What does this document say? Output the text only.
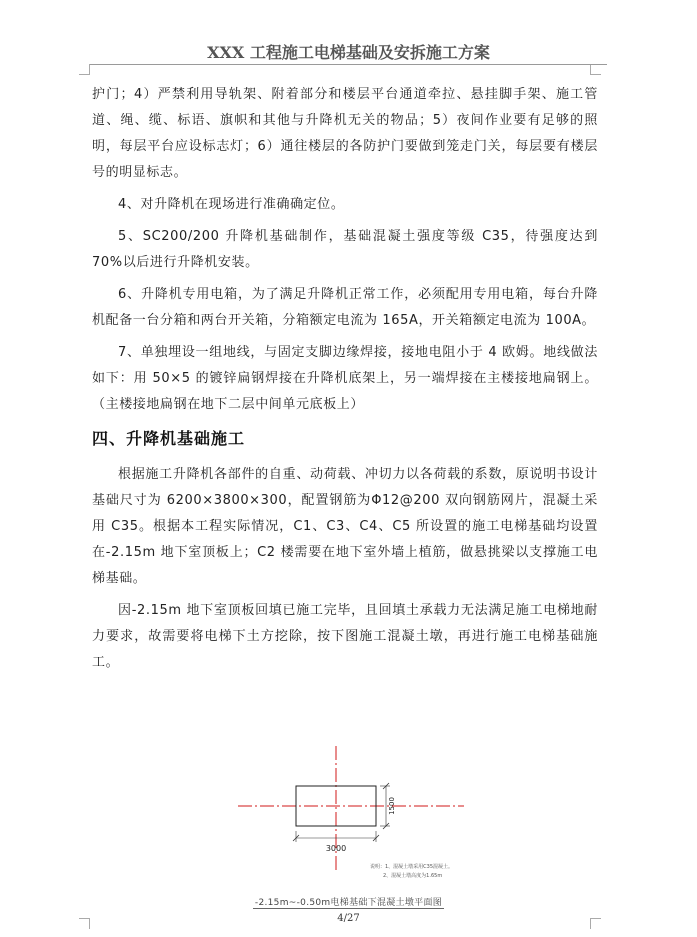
XXX 工程施工电梯基础及安拆施工方案

护门；4）严禁利用导轨架、附着部分和楼层平台通道牵拉、悬挂脚手架、施工管道、绳、缆、标语、旗帜和其他与升降机无关的物品；5）夜间作业要有足够的照明，每层平台应设标志灯；6）通往楼层的各防护门要做到笼走门关，每层要有楼层号的明显标志。

4、对升降机在现场进行准确确定位。

5、SC200/200 升降机基础制作，基础混凝土强度等级 C35，待强度达到 70%以后进行升降机安装。

6、升降机专用电箱，为了满足升降机正常工作，必须配用专用电箱，每台升降机配备一台分箱和两台开关箱，分箱额定电流为 165A，开关箱额定电流为 100A。

7、单独埋设一组地线，与固定支脚边缘焊接，接地电阻小于 4 欧姆。地线做法如下：用 50×5 的镀锌扁钢焊接在升降机底架上，另一端焊接在主楼接地扁钢上。（主楼接地扁钢在地下二层中间单元底板上）

四、升降机基础施工

根据施工升降机各部件的自重、动荷载、冲切力以各荷载的系数，原说明书设计基础尺寸为 6200×3800×300，配置钢筋为Φ12@200 双向钢筋网片，混凝土采用 C35。根据本工程实际情况，C1、C3、C4、C5 所设置的施工电梯基础均设置在-2.15m 地下室顶板上；C2 楼需要在地下室外墙上植筋，做悬挑梁以支撑施工电梯基础。

因-2.15m 地下室顶板回填已施工完毕，且回填土承载力无法满足施工电梯地耐力要求，故需要将电梯下土方挖除，按下图施工混凝土墩，再进行施工电梯基础施工。

3000
1500
说明：1、混凝土墩采用C35混凝土。
2、混凝土墩高度为1.65m
-2.15m~-0.50m电梯基础下混凝土墩平面图
4/27
